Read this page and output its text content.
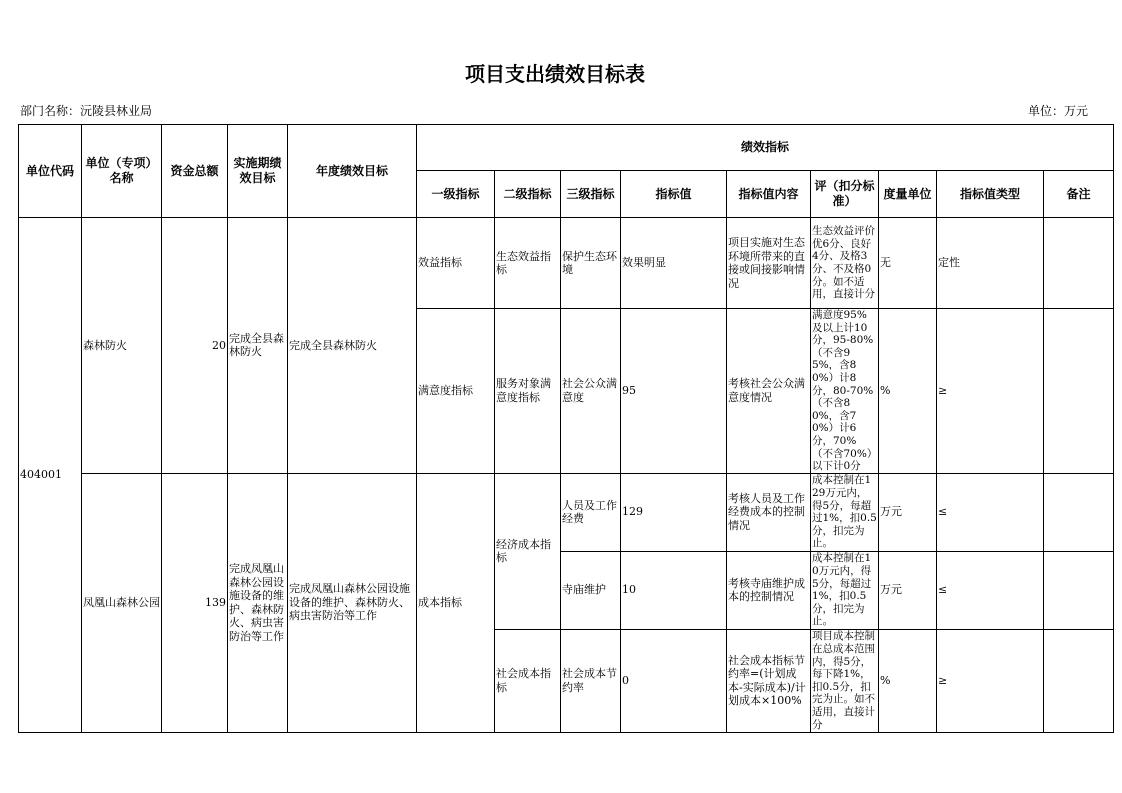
项目支出绩效目标表
部门名称：沅陵县林业局	单位：万元
单位代码	单位（专项）名称	资金总额	实施期绩效目标	年度绩效目标	绩效指标								
					一级指标	二级指标	三级指标	指标值	指标值内容	评（扣分标准）	度量单位	指标值类型	备注
404001	森林防火	20	完成全县森林防火	完成全县森林防火	效益指标	生态效益指标	保护生态环境	效果明显	项目实施对生态环境所带来的直接或间接影响情况	生态效益评价优6分、良好4分、及格3分、不及格0分。如不适用，直接计分	无	定性	
					满意度指标	服务对象满意度指标	社会公众满意度	95	考核社会公众满意度情况	满意度95%及以上计10分，95-80%（不含95%，含80%）计8分，80-70%（不含80%，含70%）计6分，70%（不含70%）以下计0分	%	≥	
	凤凰山森林公园	139	完成凤凰山森林公园设施设备的维护、森林防火、病虫害防治等工作	完成凤凰山森林公园设施设备的维护、森林防火、病虫害防治等工作	成本指标	经济成本指标	人员及工作经费	129	考核人员及工作经费成本的控制情况	成本控制在129万元内，得5分，每超过1%，扣0.5分，扣完为止。	万元	≤	
							寺庙维护	10	考核寺庙维护成本的控制情况	成本控制在10万元内，得5分，每超过1%，扣0.5分，扣完为止。	万元	≤	
						社会成本指标	社会成本节约率	0	社会成本指标节约率=(计划成本-实际成本)/计划成本×100%	项目成本控制在总成本范围内，得5分，每下降1%，扣0.5分，扣完为止。如不适用，直接计分	%	≥	
